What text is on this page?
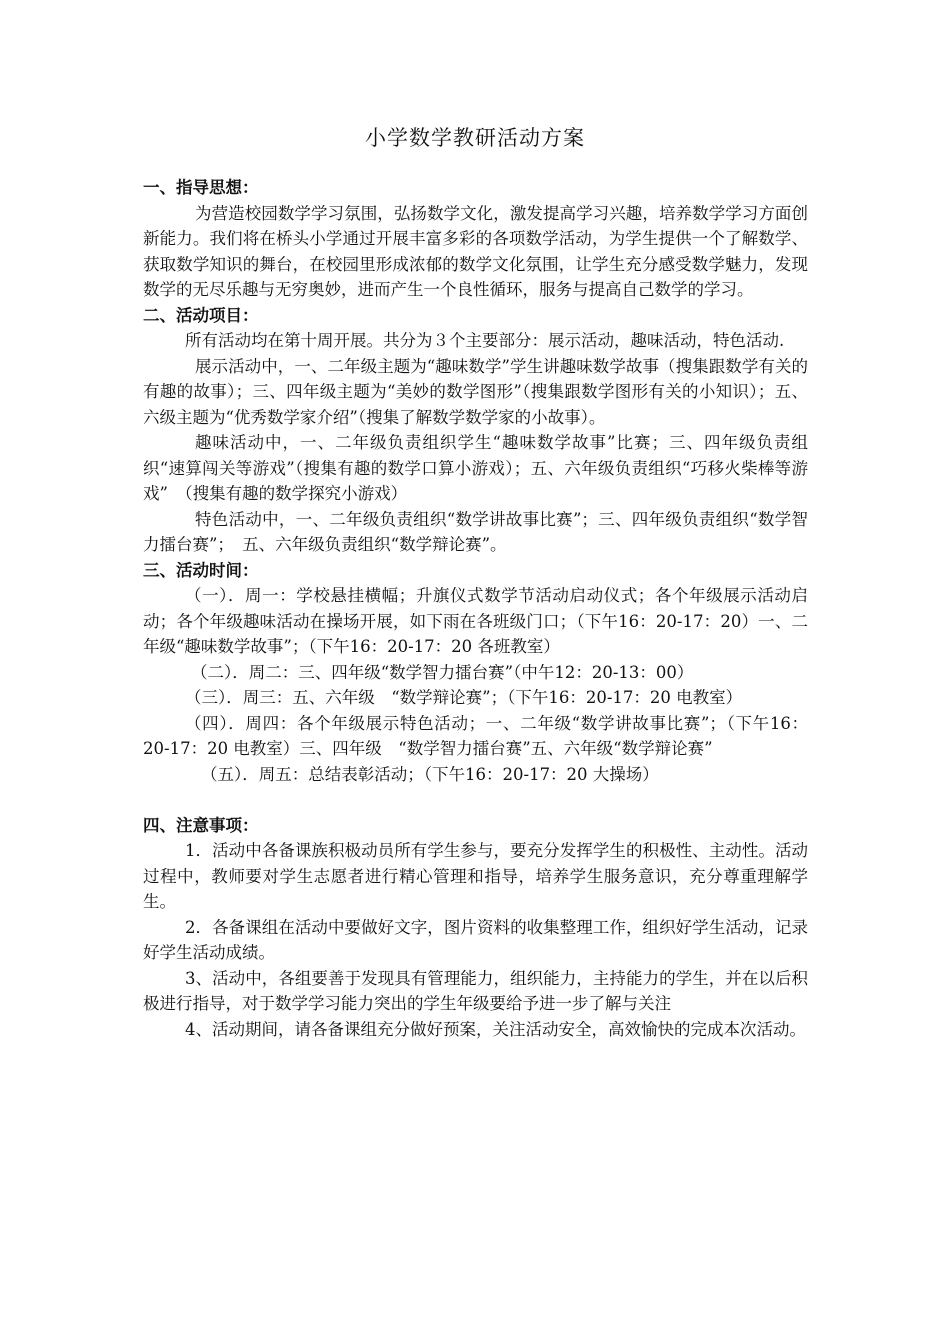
小学数学教研活动方案

一、指导思想：

为营造校园数学学习氛围，弘扬数学文化，激发提高学习兴趣，培养数学学习方面创新能力。我们将在桥头小学通过开展丰富多彩的各项数学活动，为学生提供一个了解数学、获取数学知识的舞台，在校园里形成浓郁的数学文化氛围，让学生充分感受数学魅力，发现数学的无尽乐趣与无穷奥妙，进而产生一个良性循环，服务与提高自己数学的学习。

二、活动项目：

所有活动均在第十周开展。共分为３个主要部分：展示活动，趣味活动，特色活动.

展示活动中，一、二年级主题为“趣味数学”学生讲趣味数学故事（搜集跟数学有关的有趣的故事）；三、四年级主题为“美妙的数学图形”（搜集跟数学图形有关的小知识）；五、六级主题为“优秀数学家介绍”（搜集了解数学数学家的小故事）。

趣味活动中，一、二年级负责组织学生“趣味数学故事”比赛；三、四年级负责组织“速算闯关等游戏”（搜集有趣的数学口算小游戏）；五、六年级负责组织“巧移火柴棒等游戏”　（搜集有趣的数学探究小游戏）

特色活动中，一、二年级负责组织“数学讲故事比赛”；三、四年级负责组织“数学智力擂台赛”；　五、六年级负责组织“数学辩论赛”。

三、活动时间：

（一）．周一：学校悬挂横幅；升旗仪式数学节活动启动仪式；各个年级展示活动启动；各个年级趣味活动在操场开展，如下雨在各班级门口；（下午16：20-17：20）一、二年级“趣味数学故事”；（下午16：20-17：20 各班教室）

（二）．周二：三、四年级“数学智力擂台赛”（中午12：20-13：00）

（三）．周三：五、六年级　“数学辩论赛”；（下午16：20-17：20 电教室）

（四）．周四：各个年级展示特色活动；一、二年级“数学讲故事比赛”；（下午16：20-17：20 电教室）三、四年级　“数学智力擂台赛”五、六年级“数学辩论赛”

（五）．周五：总结表彰活动；（下午16：20-17：20 大操场）

四、注意事项：

1．活动中各备课族积极动员所有学生参与，要充分发挥学生的积极性、主动性。活动过程中，教师要对学生志愿者进行精心管理和指导，培养学生服务意识，充分尊重理解学生。

2．各备课组在活动中要做好文字，图片资料的收集整理工作，组织好学生活动，记录好学生活动成绩。

3、活动中，各组要善于发现具有管理能力，组织能力，主持能力的学生，并在以后积极进行指导，对于数学学习能力突出的学生年级要给予进一步了解与关注

4、活动期间，请各备课组充分做好预案，关注活动安全，高效愉快的完成本次活动。
